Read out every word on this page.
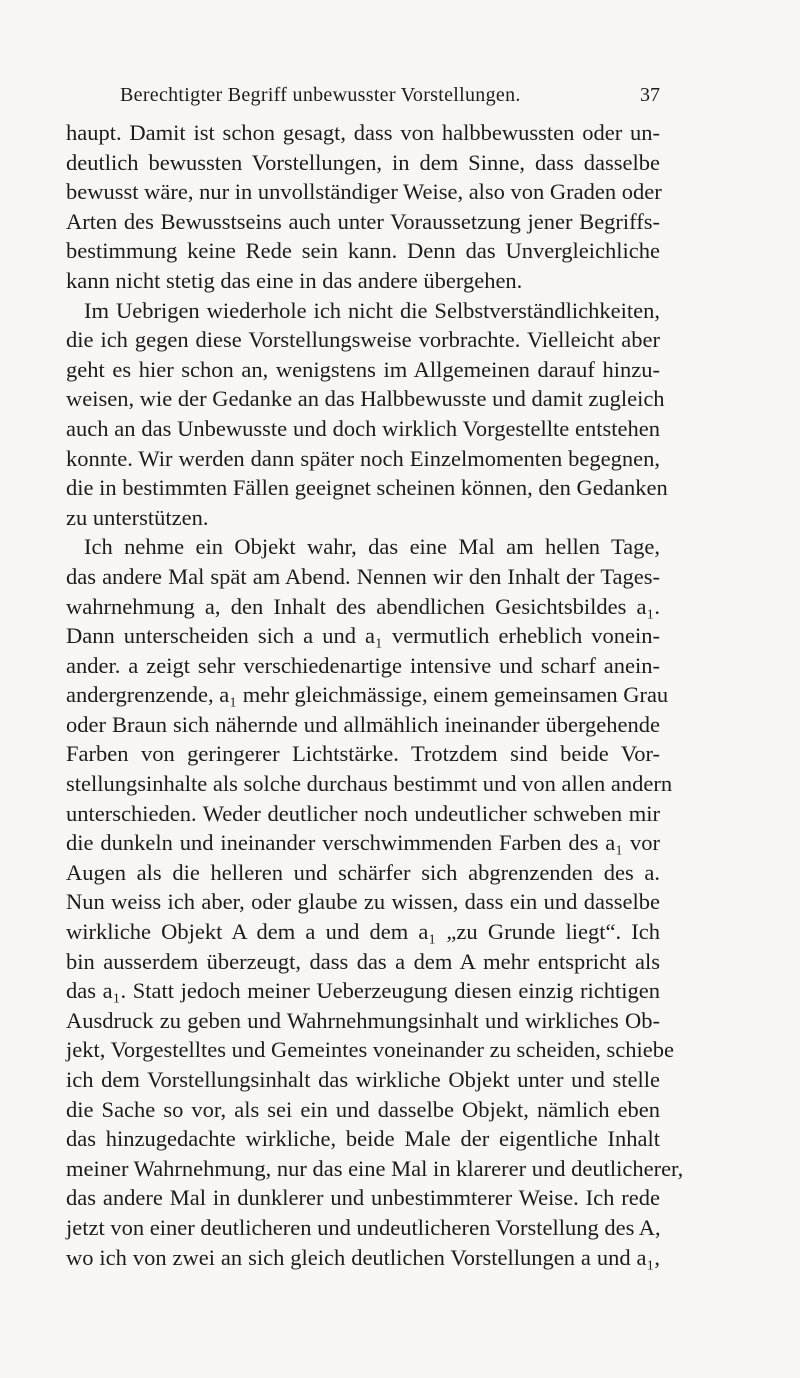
Berechtigter Begriff unbewusster Vorstellungen.	37
haupt. Damit ist schon gesagt, dass von halbbewussten oder un-
deutlich bewussten Vorstellungen, in dem Sinne, dass dasselbe
bewusst wäre, nur in unvollständiger Weise, also von Graden oder
Arten des Bewusstseins auch unter Voraussetzung jener Begriffs-
bestimmung keine Rede sein kann. Denn das Unvergleichliche
kann nicht stetig das eine in das andere übergehen.
Im Uebrigen wiederhole ich nicht die Selbstverständlichkeiten,
die ich gegen diese Vorstellungsweise vorbrachte. Vielleicht aber
geht es hier schon an, wenigstens im Allgemeinen darauf hinzu-
weisen, wie der Gedanke an das Halbbewusste und damit zugleich
auch an das Unbewusste und doch wirklich Vorgestellte entstehen
konnte. Wir werden dann später noch Einzelmomenten begegnen,
die in bestimmten Fällen geeignet scheinen können, den Gedanken
zu unterstützen.
Ich nehme ein Objekt wahr, das eine Mal am hellen Tage,
das andere Mal spät am Abend. Nennen wir den Inhalt der Tages-
wahrnehmung a, den Inhalt des abendlichen Gesichtsbildes a₁.
Dann unterscheiden sich a und a₁ vermutlich erheblich vonein-
ander. a zeigt sehr verschiedenartige intensive und scharf anein-
andergrenzende, a₁ mehr gleichmässige, einem gemeinsamen Grau
oder Braun sich nähernde und allmählich ineinander übergehende
Farben von geringerer Lichtstärke. Trotzdem sind beide Vor-
stellungsinhalte als solche durchaus bestimmt und von allen andern
unterschieden. Weder deutlicher noch undeutlicher schweben mir
die dunkeln und ineinander verschwimmenden Farben des a₁ vor
Augen als die helleren und schärfer sich abgrenzenden des a.
Nun weiss ich aber, oder glaube zu wissen, dass ein und dasselbe
wirkliche Objekt A dem a und dem a₁ „zu Grunde liegt“. Ich
bin ausserdem überzeugt, dass das a dem A mehr entspricht als
das a₁. Statt jedoch meiner Ueberzeugung diesen einzig richtigen
Ausdruck zu geben und Wahrnehmungsinhalt und wirkliches Ob-
jekt, Vorgestelltes und Gemeintes voneinander zu scheiden, schiebe
ich dem Vorstellungsinhalt das wirkliche Objekt unter und stelle
die Sache so vor, als sei ein und dasselbe Objekt, nämlich eben
das hinzugedachte wirkliche, beide Male der eigentliche Inhalt
meiner Wahrnehmung, nur das eine Mal in klarerer und deutlicherer,
das andere Mal in dunklerer und unbestimmterer Weise. Ich rede
jetzt von einer deutlicheren und undeutlicheren Vorstellung des A,
wo ich von zwei an sich gleich deutlichen Vorstellungen a und a₁,
